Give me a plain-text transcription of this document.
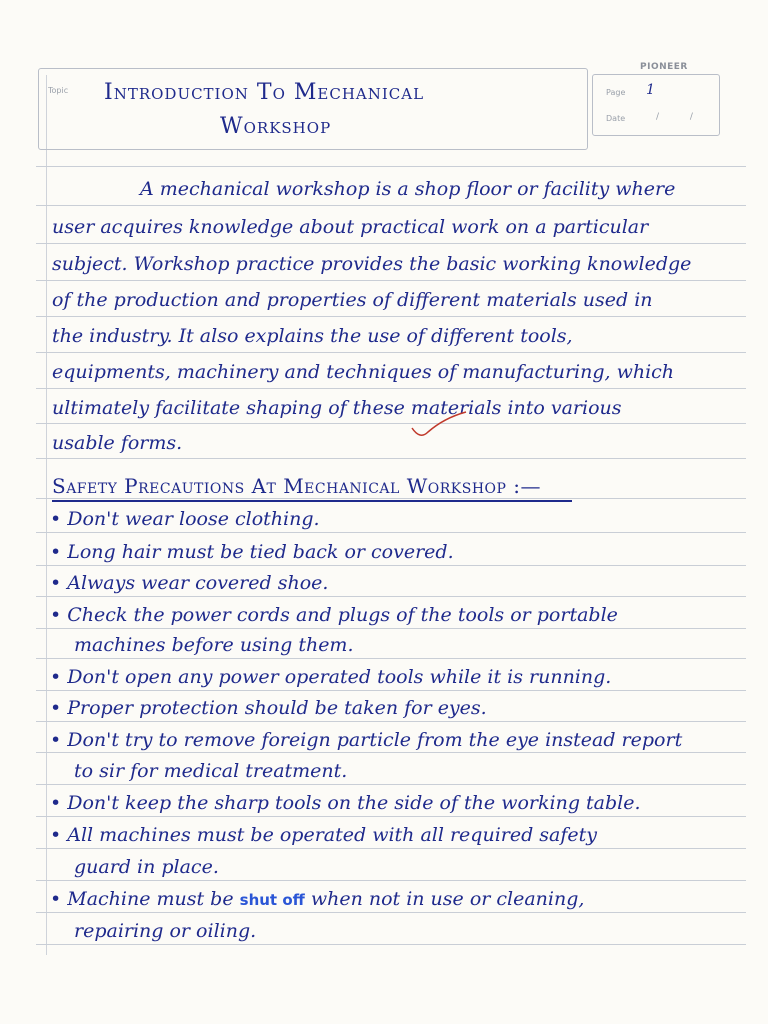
PIONEER
Topic	Page 1
Date	/ /
Introduction To Mechanical
Workshop
A mechanical workshop is a shop floor or facility where
user acquires knowledge about practical work on a particular
subject. Workshop practice provides the basic working knowledge
of the production and properties of different materials used in
the industry. It also explains the use of different tools,
equipments, machinery and techniques of manufacturing, which
ultimately facilitate shaping of these materials into various
usable forms.
Safety Precautions At Mechanical Workshop :—
• Don't wear loose clothing.
• Long hair must be tied back or covered.
• Always wear covered shoe.
• Check the power cords and plugs of the tools or portable
machines before using them.
• Don't open any power operated tools while it is running.
• Proper protection should be taken for eyes.
• Don't try to remove foreign particle from the eye instead report
to sir for medical treatment.
• Don't keep the sharp tools on the side of the working table.
• All machines must be operated with all required safety
guard in place.
• Machine must be shut off when not in use or cleaning,
repairing or oiling.
